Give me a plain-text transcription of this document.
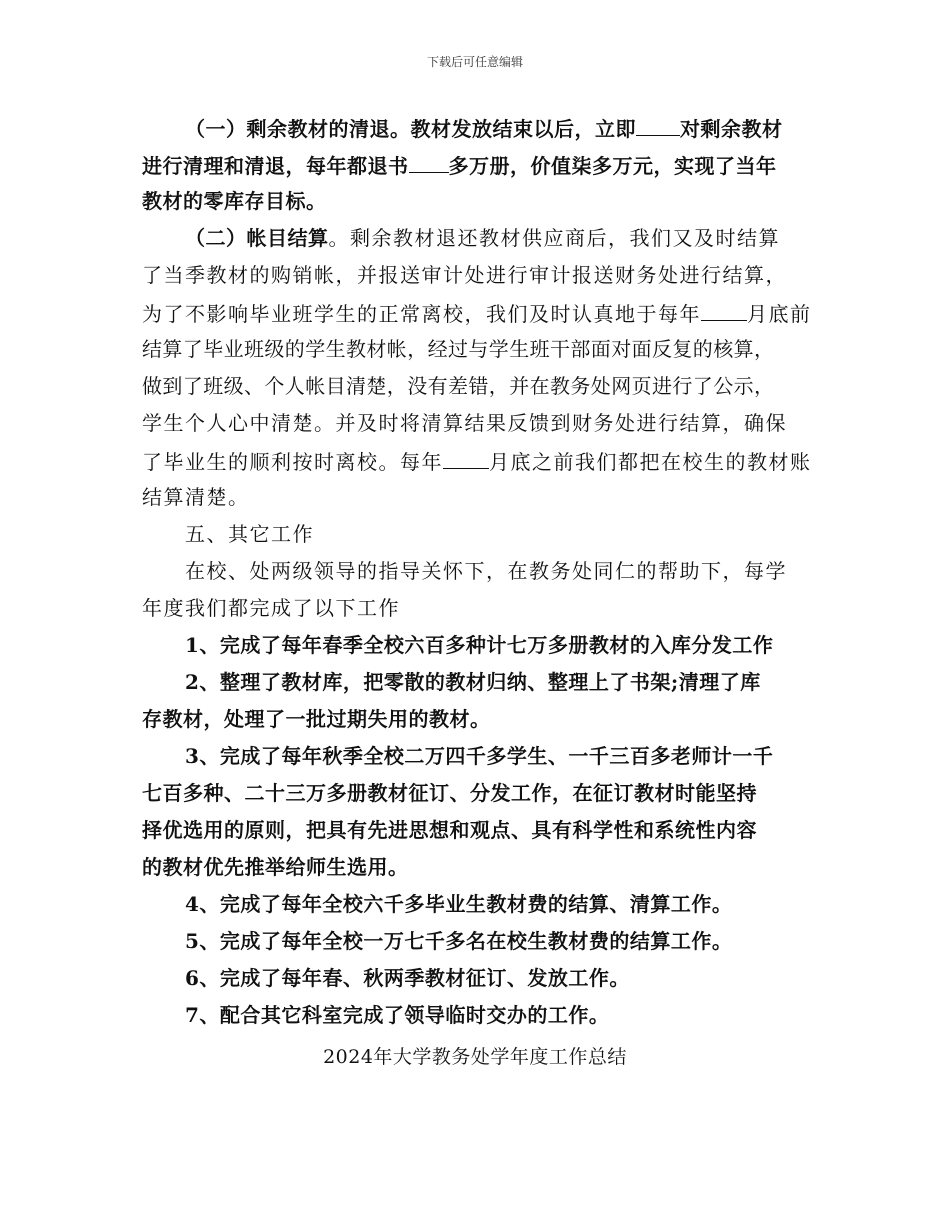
下载后可任意编辑
（一）剩余教材的清退。教材发放结束以后，立即 对剩余教材
进行清理和清退，每年都退书 多万册，价值柒多万元，实现了当年
教材的零库存目标。
（二）帐目结算。剩余教材退还教材供应商后，我们又及时结算
了当季教材的购销帐，并报送审计处进行审计报送财务处进行结算，
为了不影响毕业班学生的正常离校，我们及时认真地于每年 月底前
结算了毕业班级的学生教材帐，经过与学生班干部面对面反复的核算，
做到了班级、个人帐目清楚，没有差错，并在教务处网页进行了公示，
学生个人心中清楚。并及时将清算结果反馈到财务处进行结算，确保
了毕业生的顺利按时离校。每年 月底之前我们都把在校生的教材账
结算清楚。
五、其它工作
在校、处两级领导的指导关怀下，在教务处同仁的帮助下，每学
年度我们都完成了以下工作
1、完成了每年春季全校六百多种计七万多册教材的入库分发工作
2、整理了教材库，把零散的教材归纳、整理上了书架;清理了库
存教材，处理了一批过期失用的教材。
3、完成了每年秋季全校二万四千多学生、一千三百多老师计一千
七百多种、二十三万多册教材征订、分发工作，在征订教材时能坚持
择优选用的原则，把具有先进思想和观点、具有科学性和系统性内容
的教材优先推举给师生选用。
4、完成了每年全校六千多毕业生教材费的结算、清算工作。
5、完成了每年全校一万七千多名在校生教材费的结算工作。
6、完成了每年春、秋两季教材征订、发放工作。
7、配合其它科室完成了领导临时交办的工作。
2024年大学教务处学年度工作总结
